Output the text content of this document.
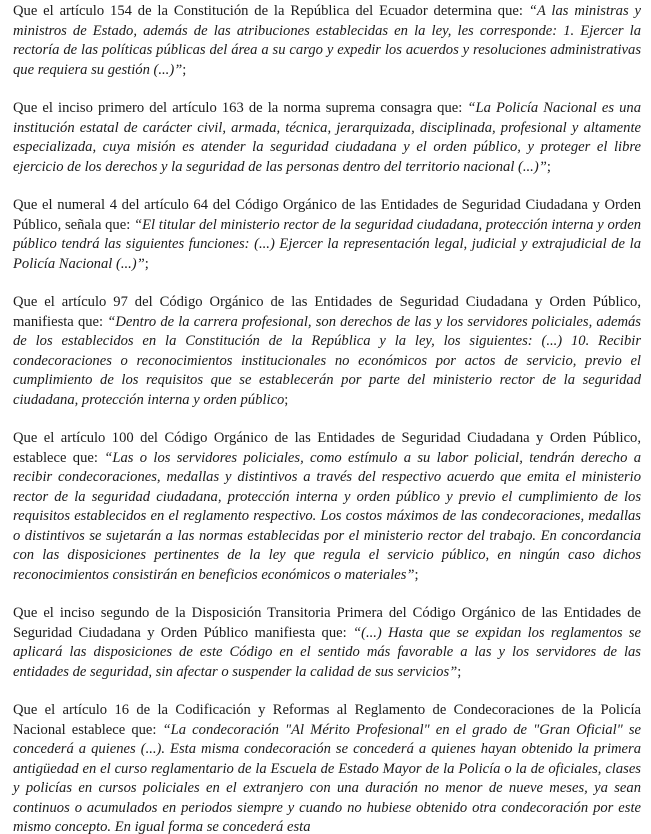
Que el artículo 154 de la Constitución de la República del Ecuador determina que: “A las ministras y ministros de Estado, además de las atribuciones establecidas en la ley, les corresponde: 1. Ejercer la rectoría de las políticas públicas del área a su cargo y expedir los acuerdos y resoluciones administrativas que requiera su gestión (...)”;

Que el inciso primero del artículo 163 de la norma suprema consagra que: “La Policía Nacional es una institución estatal de carácter civil, armada, técnica, jerarquizada, disciplinada, profesional y altamente especializada, cuya misión es atender la seguridad ciudadana y el orden público, y proteger el libre ejercicio de los derechos y la seguridad de las personas dentro del territorio nacional (...)”;

Que el numeral 4 del artículo 64 del Código Orgánico de las Entidades de Seguridad Ciudadana y Orden Público, señala que: “El titular del ministerio rector de la seguridad ciudadana, protección interna y orden público tendrá las siguientes funciones: (...) Ejercer la representación legal, judicial y extrajudicial de la Policía Nacional (...)”;

Que el artículo 97 del Código Orgánico de las Entidades de Seguridad Ciudadana y Orden Público, manifiesta que: “Dentro de la carrera profesional, son derechos de las y los servidores policiales, además de los establecidos en la Constitución de la República y la ley, los siguientes: (...) 10. Recibir condecoraciones o reconocimientos institucionales no económicos por actos de servicio, previo el cumplimiento de los requisitos que se establecerán por parte del ministerio rector de la seguridad ciudadana, protección interna y orden público;

Que el artículo 100 del Código Orgánico de las Entidades de Seguridad Ciudadana y Orden Público, establece que: “Las o los servidores policiales, como estímulo a su labor policial, tendrán derecho a recibir condecoraciones, medallas y distintivos a través del respectivo acuerdo que emita el ministerio rector de la seguridad ciudadana, protección interna y orden público y previo el cumplimiento de los requisitos establecidos en el reglamento respectivo. Los costos máximos de las condecoraciones, medallas o distintivos se sujetarán a las normas establecidas por el ministerio rector del trabajo. En concordancia con las disposiciones pertinentes de la ley que regula el servicio público, en ningún caso dichos reconocimientos consistirán en beneficios económicos o materiales”;

Que el inciso segundo de la Disposición Transitoria Primera del Código Orgánico de las Entidades de Seguridad Ciudadana y Orden Público manifiesta que: “(...) Hasta que se expidan los reglamentos se aplicará las disposiciones de este Código en el sentido más favorable a las y los servidores de las entidades de seguridad, sin afectar o suspender la calidad de sus servicios”;

Que el artículo 16 de la Codificación y Reformas al Reglamento de Condecoraciones de la Policía Nacional establece que: “La condecoración "Al Mérito Profesional" en el grado de "Gran Oficial" se concederá a quienes (...). Esta misma condecoración se concederá a quienes hayan obtenido la primera antigüedad en el curso reglamentario de la Escuela de Estado Mayor de la Policía o la de oficiales, clases y policías en cursos policiales en el extranjero con una duración no menor de nueve meses, ya sean continuos o acumulados en periodos siempre y cuando no hubiese obtenido otra condecoración por este mismo concepto. En igual forma se concederá esta
